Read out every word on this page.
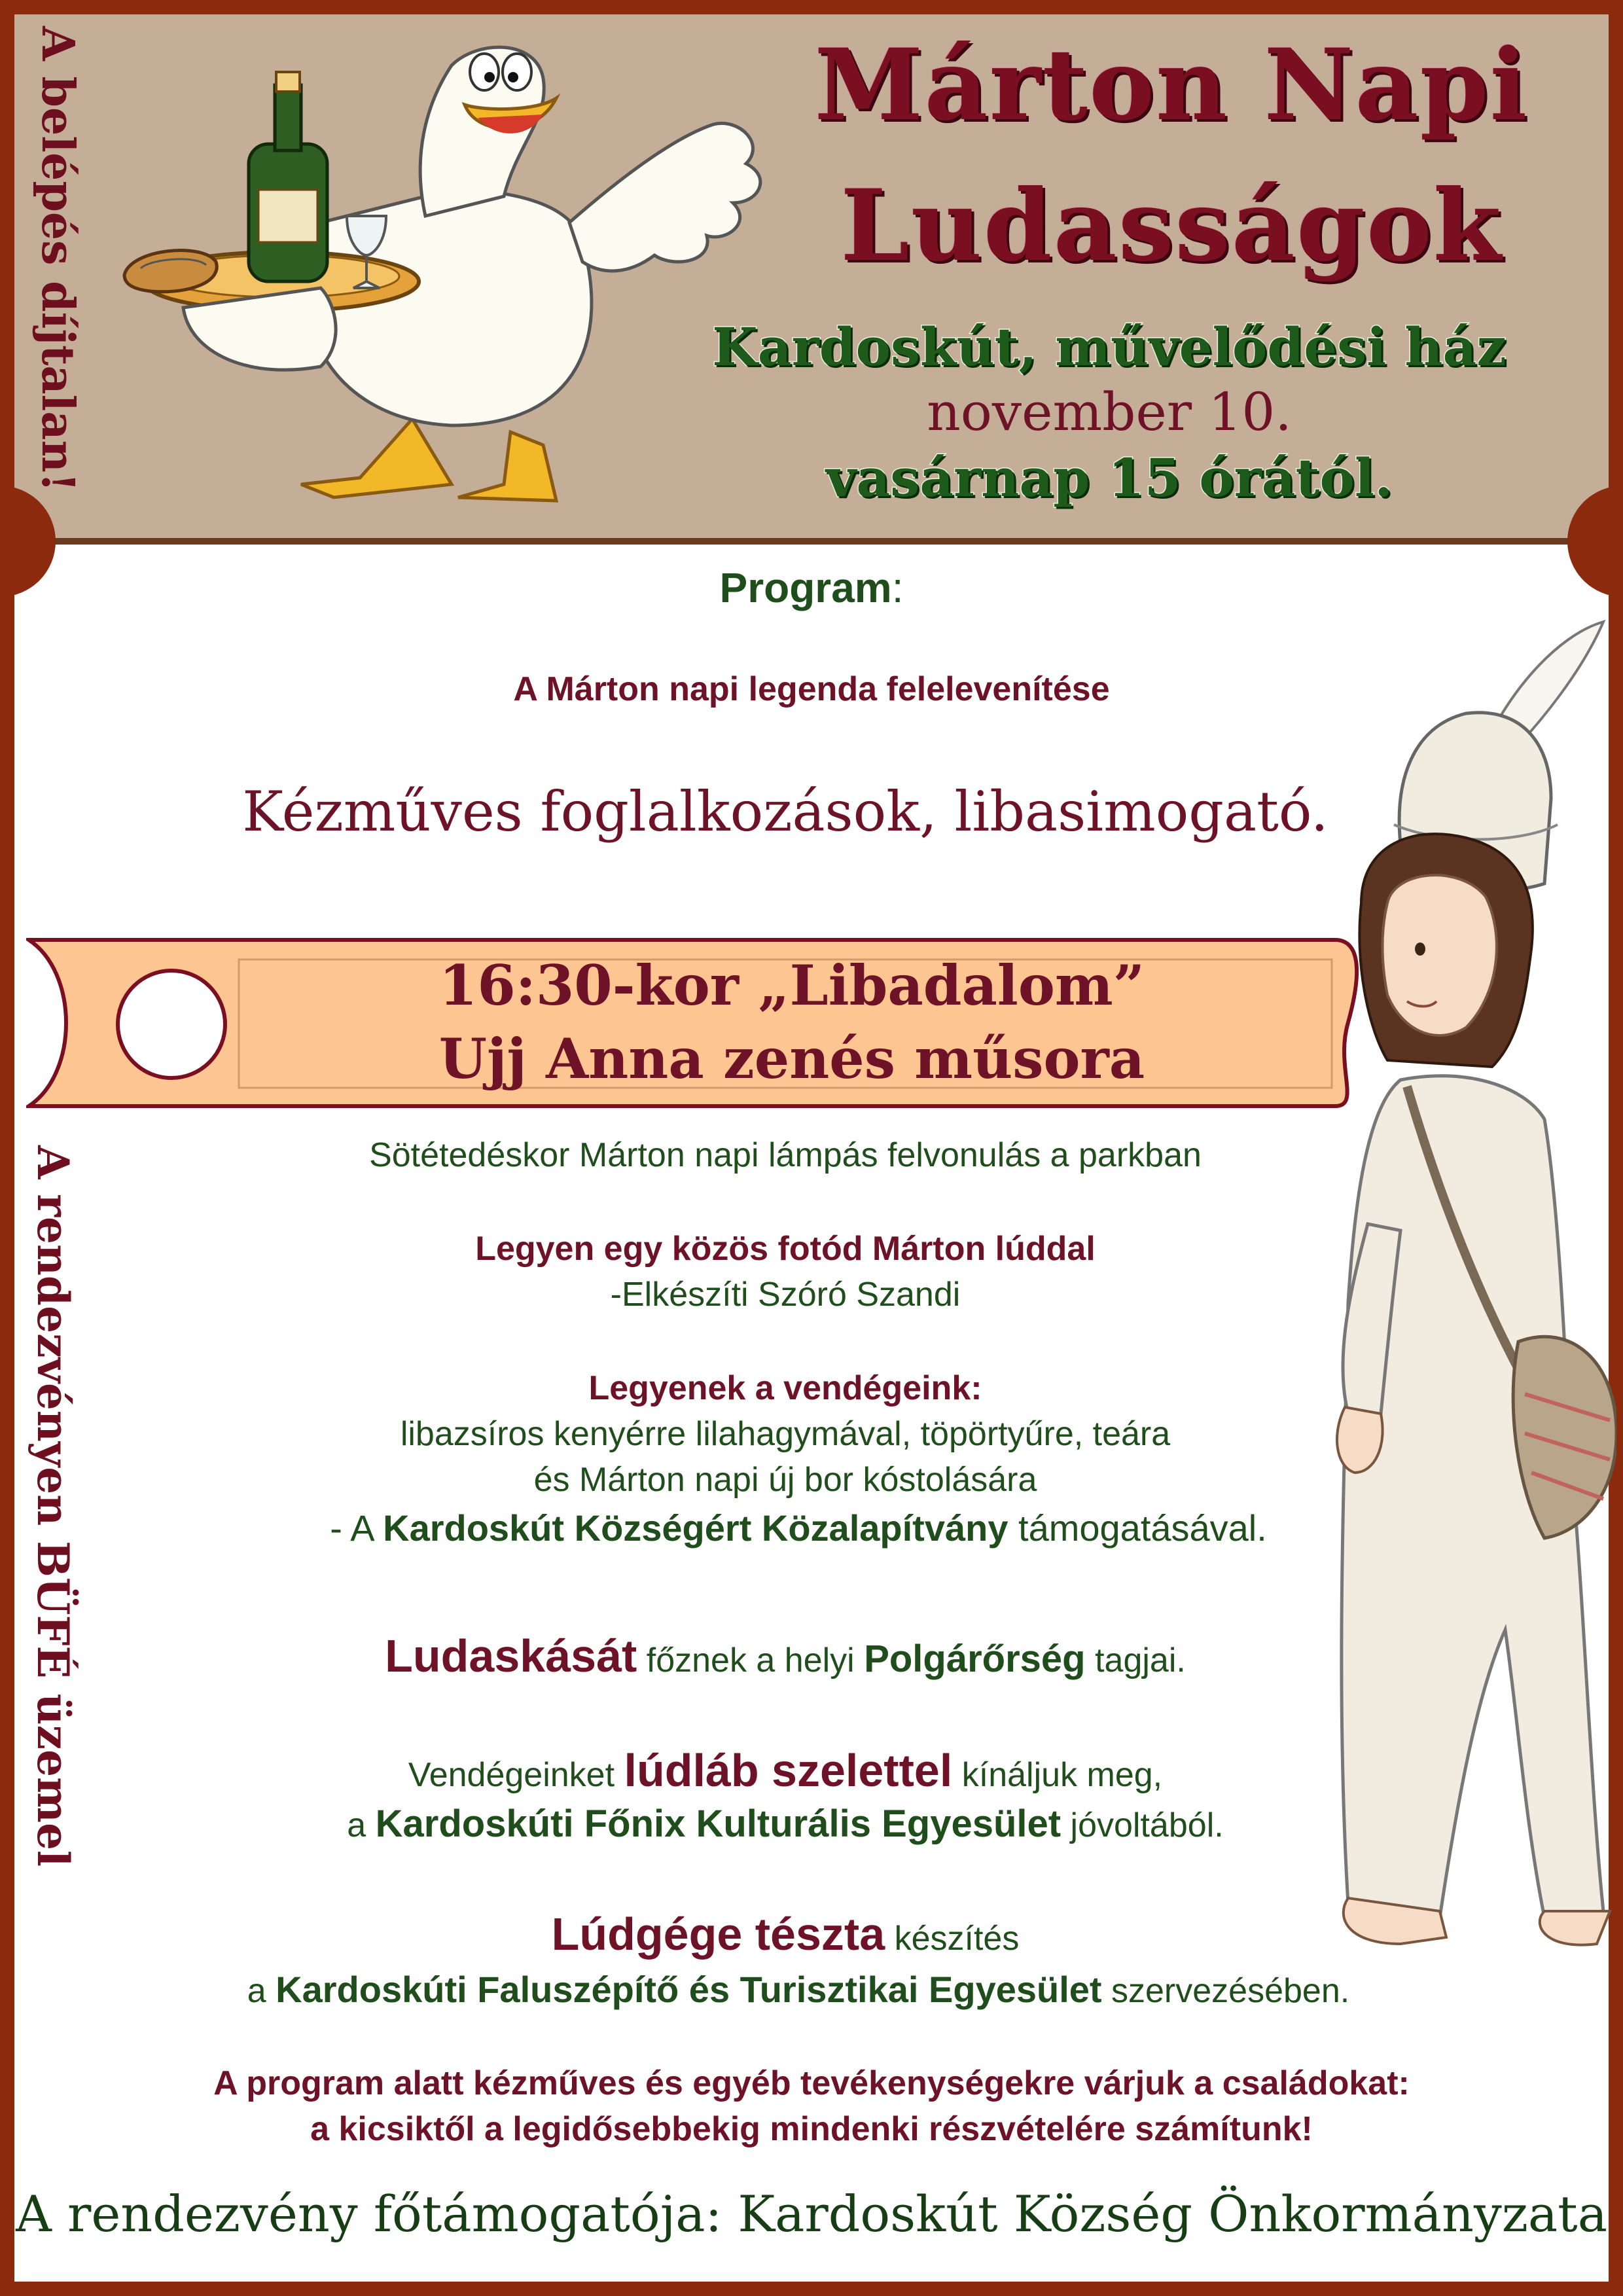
A belépés díjtalan!
A rendezvényen BÜFÉ üzemel
Márton Napi
Ludasságok
Kardoskút, művelődési ház
november 10.
vasárnap 15 órától.
Program:
A Márton napi legenda felelevenítése
Kézműves foglalkozások, libasimogató.
16:30-kor „Libadalom”
Ujj Anna zenés műsora
Sötétedéskor Márton napi lámpás felvonulás a parkban
Legyen egy közös fotód Márton lúddal
-Elkészíti Szóró Szandi
Legyenek a vendégeink:
libazsíros kenyérre lilahagymával, töpörtyűre, teára
és Márton napi új bor kóstolására
- A Kardoskút Községért Közalapítvány támogatásával.
Ludaskását főznek a helyi Polgárőrség tagjai.
Vendégeinket lúdláb szelettel kínáljuk meg,
a Kardoskúti Főnix Kulturális Egyesület jóvoltából.
Lúdgége tészta készítés
a Kardoskúti Faluszépítő és Turisztikai Egyesület szervezésében.
A program alatt kézműves és egyéb tevékenységekre várjuk a családokat:
a kicsiktől a legidősebbekig mindenki részvételére számítunk!
A rendezvény főtámogatója: Kardoskút Község Önkormányzata
